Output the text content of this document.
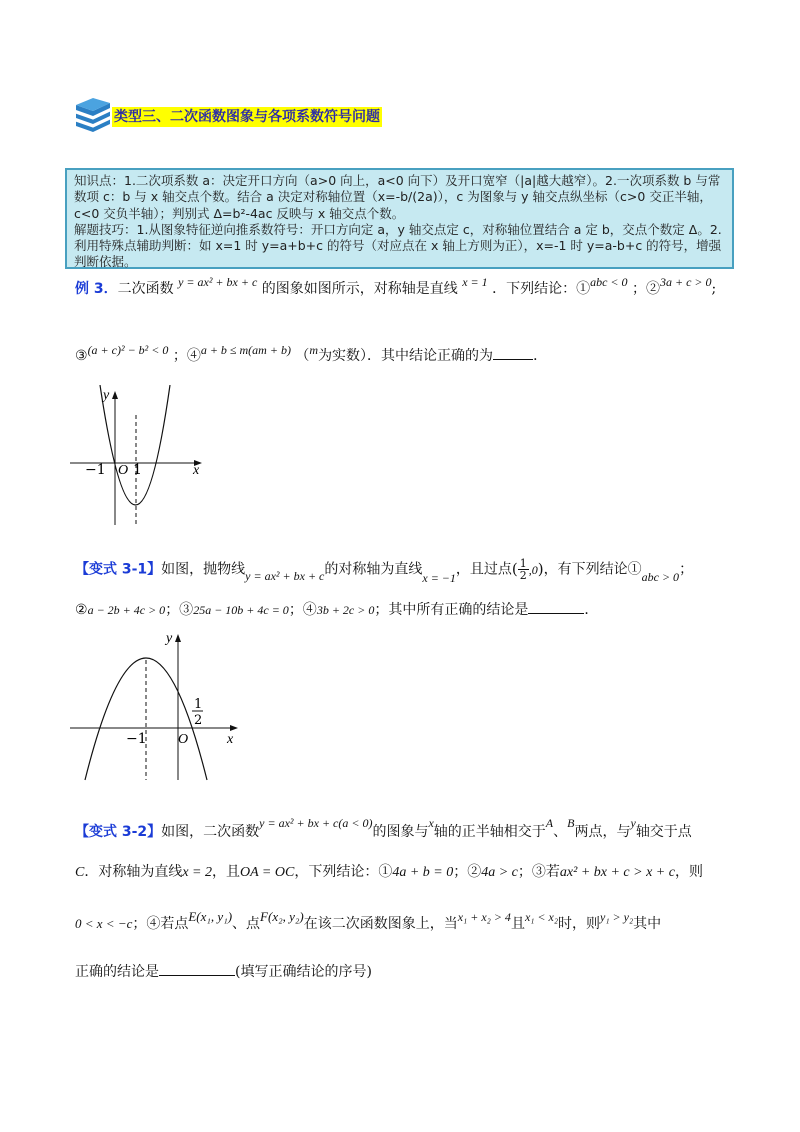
类型三、二次函数图象与各项系数符号问题

知识点：1.二次项系数 a：决定开口方向（a>0 向上，a<0 向下）及开口宽窄（|a|越大越窄）。2.一次项系数 b 与常数项 c：b 与 x 轴交点个数。结合 a 决定对称轴位置（x=-b/(2a)），c 为图象与 y 轴交点纵坐标（c>0 交正半轴，c<0 交负半轴）；判别式 Δ=b²-4ac 反映与 x 轴交点个数。

解题技巧：1.从图象特征逆向推系数符号：开口方向定 a，y 轴交点定 c，对称轴位置结合 a 定 b，交点个数定 Δ。2.利用特殊点辅助判断：如 x=1 时 y=a+b+c 的符号（对应点在 x 轴上方则为正），x=-1 时 y=a-b+c 的符号，增强判断依据。

例 3．二次函数 y = ax² + bx + c 的图象如图所示，对称轴是直线 x = 1 ．下列结论：①abc < 0 ；②3a + c > 0;
③(a + c)² − b² < 0 ；④a + b ≤ m(am + b) （m为实数）．其中结论正确的为	．
y
x
−1 O 1
【变式 3-1】如图，抛物线y = ax² + bx + c的对称轴为直线x = −1，且过点$(\frac{1}{2},0)$，有下列结论①abc > 0；
②a − 2b + 4c > 0；③25a − 10b + 4c = 0；④3b + 2c > 0；其中所有正确的结论是	．
y
x
−1 O
1
2
【变式 3-2】如图，二次函数y = ax² + bx + c(a < 0)的图象与x轴的正半轴相交于A、B两点，与y轴交于点
C．对称轴为直线x = 2，且OA = OC，下列结论：①4a + b = 0；②4a > c；③若ax² + bx + c > x + c，则
0 < x < −c；④若点E(x₁, y₁)、点F(x₂, y₂)在该二次函数图象上，当x₁ + x₂ > 4且x₁ < x₂时，则y₁ > y₂其中
正确的结论是	(填写正确结论的序号)
